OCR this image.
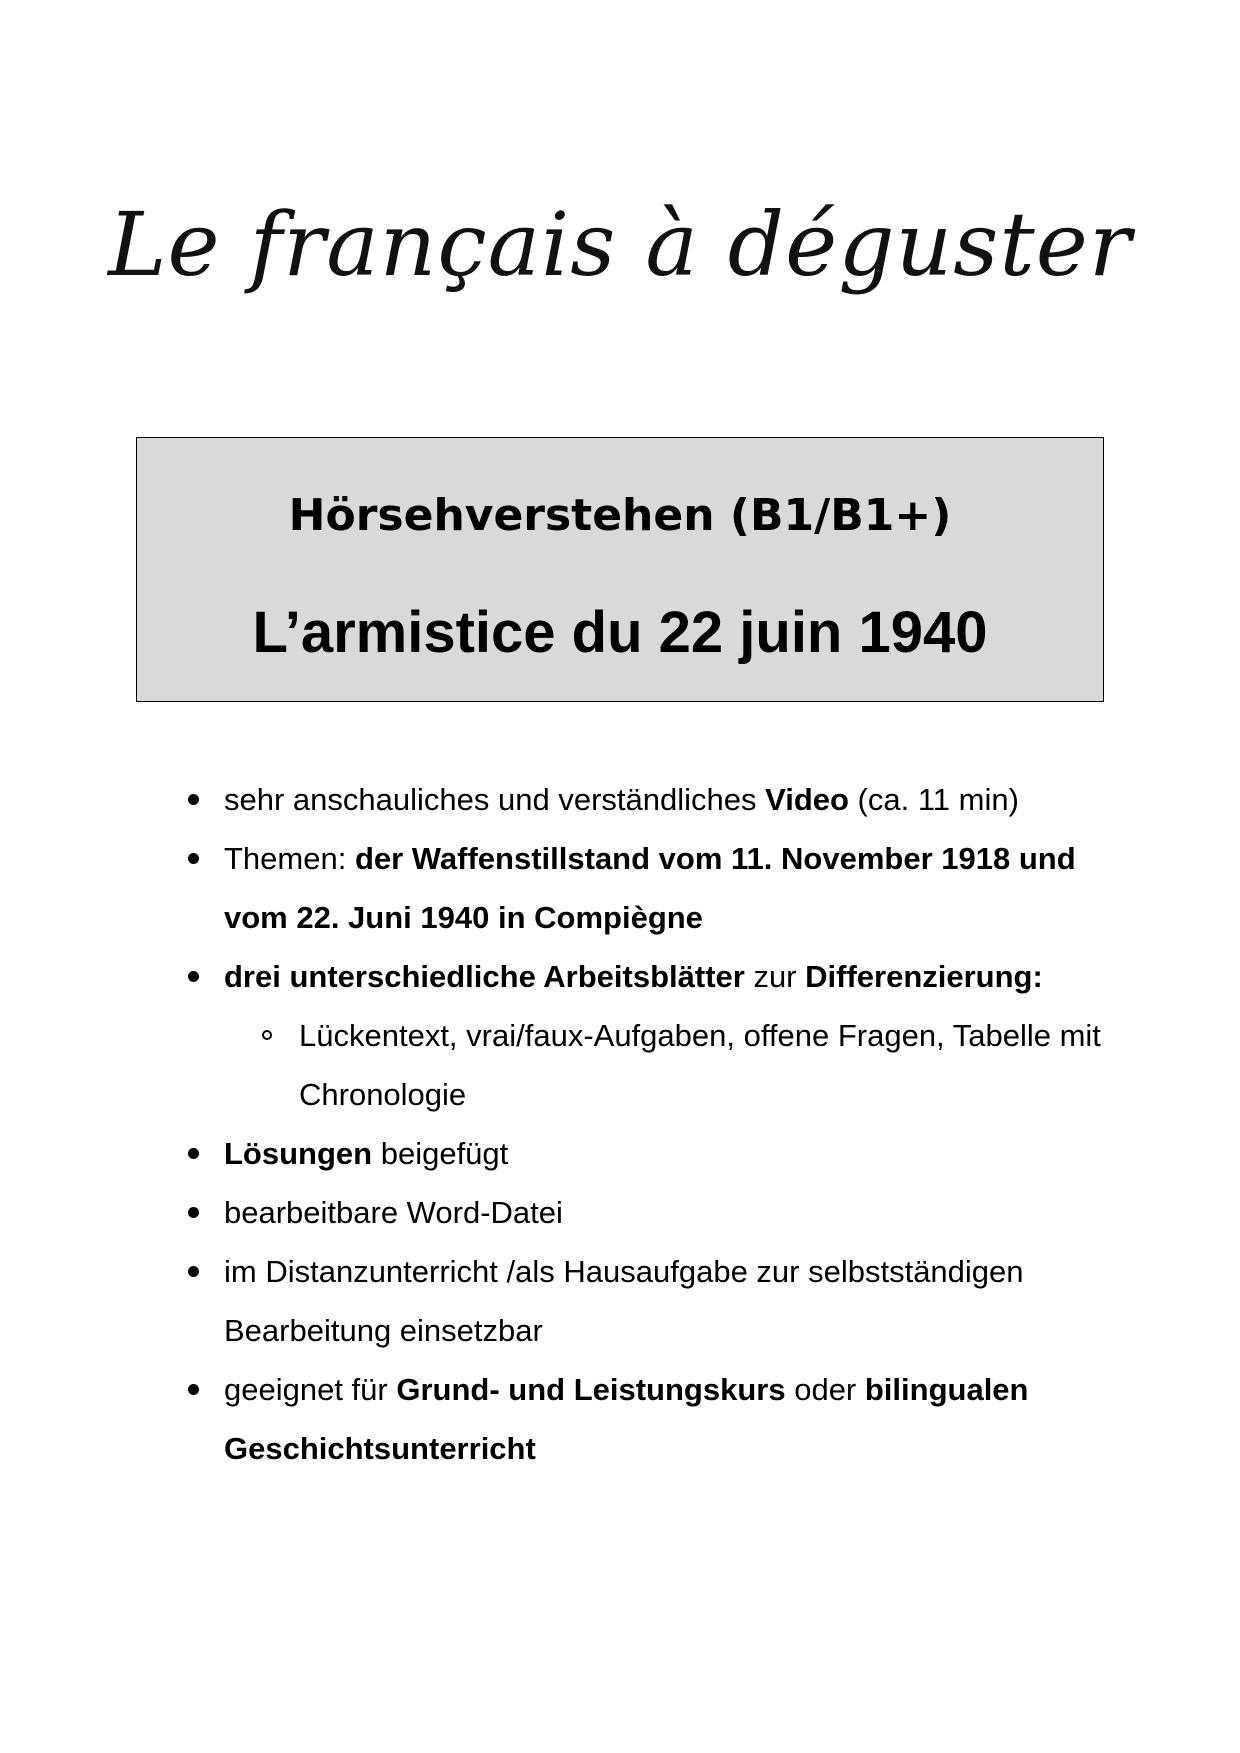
Le français à déguster
Hörsehverstehen (B1/B1+)
L’armistice du 22 juin 1940
sehr anschauliches und verständliches Video (ca. 11 min)
Themen: der Waffenstillstand vom 11. November 1918 und vom 22. Juni 1940 in Compiègne
drei unterschiedliche Arbeitsblätter zur Differenzierung:
Lückentext, vrai/faux-Aufgaben, offene Fragen, Tabelle mit Chronologie
Lösungen beigefügt
bearbeitbare Word-Datei
im Distanzunterricht /als Hausaufgabe zur selbstständigen Bearbeitung einsetzbar
geeignet für Grund- und Leistungskurs oder bilingualen Geschichtsunterricht
